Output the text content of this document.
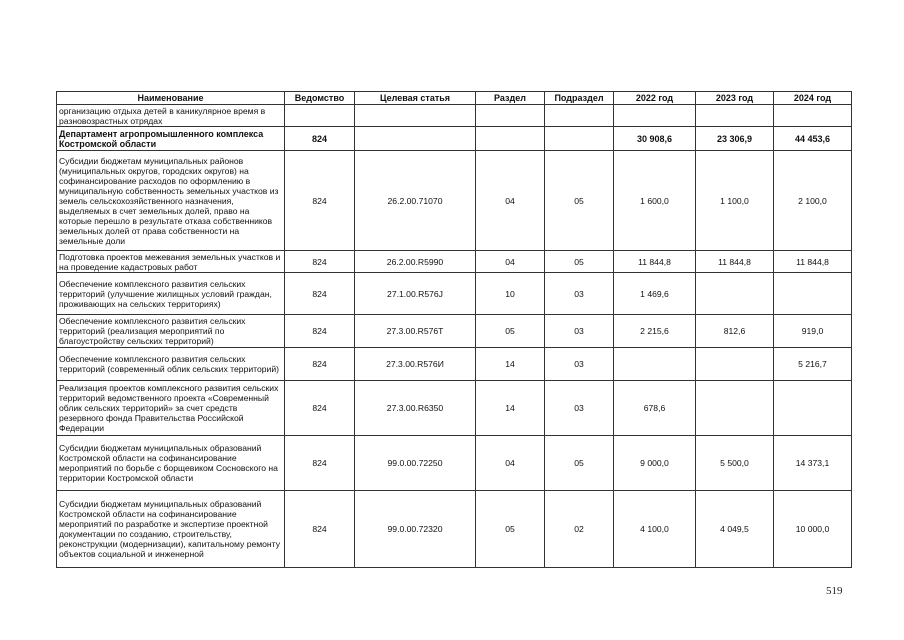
Наименование	Ведомство	Целевая статья	Раздел	Подраздел	2022 год	2023 год	2024 год
организацию отдыха детей в каникулярное время в разновозрастных отрядах							
Департамент агропромышленного комплекса Костромской области	824				30 908,6	23 306,9	44 453,6
Субсидии бюджетам муниципальных районов (муниципальных округов, городских округов) на софинансирование расходов по оформлению в муниципальную собственность земельных участков из земель сельскохозяйственного назначения, выделяемых в счет земельных долей, право на которые перешло в результате отказа собственников земельных долей от права собственности на земельные доли	824	26.2.00.71070	04	05	1 600,0	1 100,0	2 100,0
Подготовка проектов межевания земельных участков и на проведение кадастровых работ	824	26.2.00.R5990	04	05	11 844,8	11 844,8	11 844,8
Обеспечение комплексного развития сельских территорий (улучшение жилищных условий граждан, проживающих на сельских территориях)	824	27.1.00.R576J	10	03	1 469,6		
Обеспечение комплексного развития сельских территорий (реализация мероприятий по благоустройству сельских территорий)	824	27.3.00.R576T	05	03	2 215,6	812,6	919,0
Обеспечение комплексного развития сельских территорий (современный облик сельских территорий)	824	27.3.00.R576И	14	03			5 216,7
Реализация проектов комплексного развития сельских территорий ведомственного проекта «Современный облик сельских территорий» за счет средств резервного фонда Правительства Российской Федерации	824	27.3.00.R6350	14	03	678,6		
Субсидии бюджетам муниципальных образований Костромской области на софинансирование мероприятий по борьбе с борщевиком Сосновского на территории Костромской области	824	99.0.00.72250	04	05	9 000,0	5 500,0	14 373,1
Субсидии бюджетам муниципальных образований Костромской области на софинансирование мероприятий по разработке и экспертизе проектной документации по созданию, строительству, реконструкции (модернизации), капитальному ремонту объектов социальной и инженерной	824	99.0.00.72320	05	02	4 100,0	4 049,5	10 000,0
519
